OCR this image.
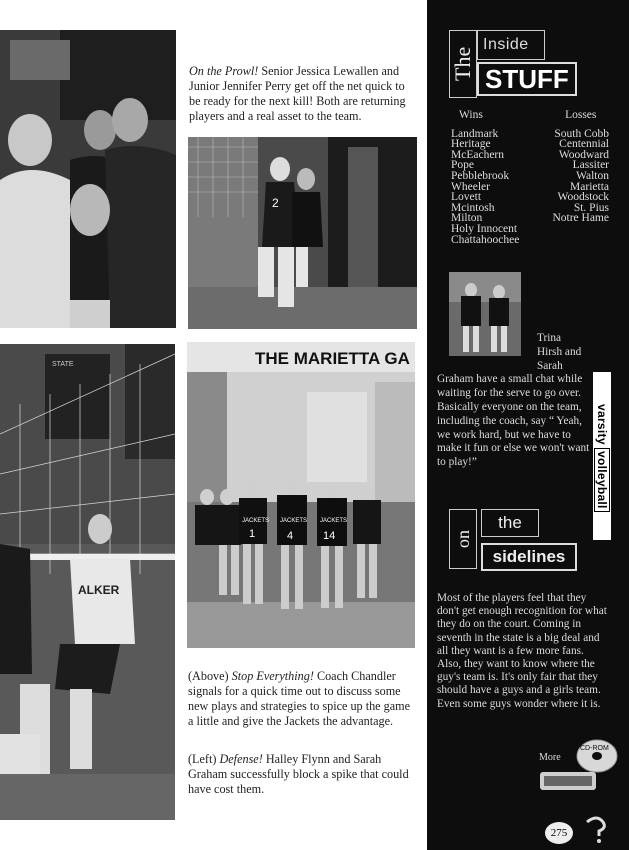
On the Prowl! Senior Jessica Lewallen and Junior Jennifer Perry get off the net quick to be ready for the next kill! Both are returning players and a real asset to the team.
2
STATE
ALKER
THE MARIETTA GA
1
JACKETS
4
JACKETS
14
JACKETS
(Above) Stop Everything! Coach Chandler signals for a quick time out to discuss some new plays and strategies to spice up the game a little and give the Jackets the advantage.
(Left) Defense! Halley Flynn and Sarah Graham successfully block a spike that could have cost them.
The
Inside
STUFF
Wins
Landmark
Heritage
McEachern
Pope
Pebblebrook
Wheeler
Lovett
Mcintosh
Milton
Holy Innocent
Chattahoochee
Losses
South Cobb
Centennial
Woodward
Lassiter
Walton
Marietta
Woodstock
St. Pius
Notre Hame
Trina
Hirsh and
Sarah
Graham have a small chat while waiting for the serve to go over. Basically everyone on the team, including the coach, say “ Yeah, we work hard, but we have to make it fun or else we won't want to play!”
varsity volleyball
on
the
sidelines
Most of the players feel that they don't get enough recognition for what they do on the court. Coming in seventh in the state is a big deal and all they want is a few more fans. Also, they want to know where the guy's team is. It's only fair that they should have a guys and a girls team. Even some guys wonder where it is.
More
CD-ROM
275
